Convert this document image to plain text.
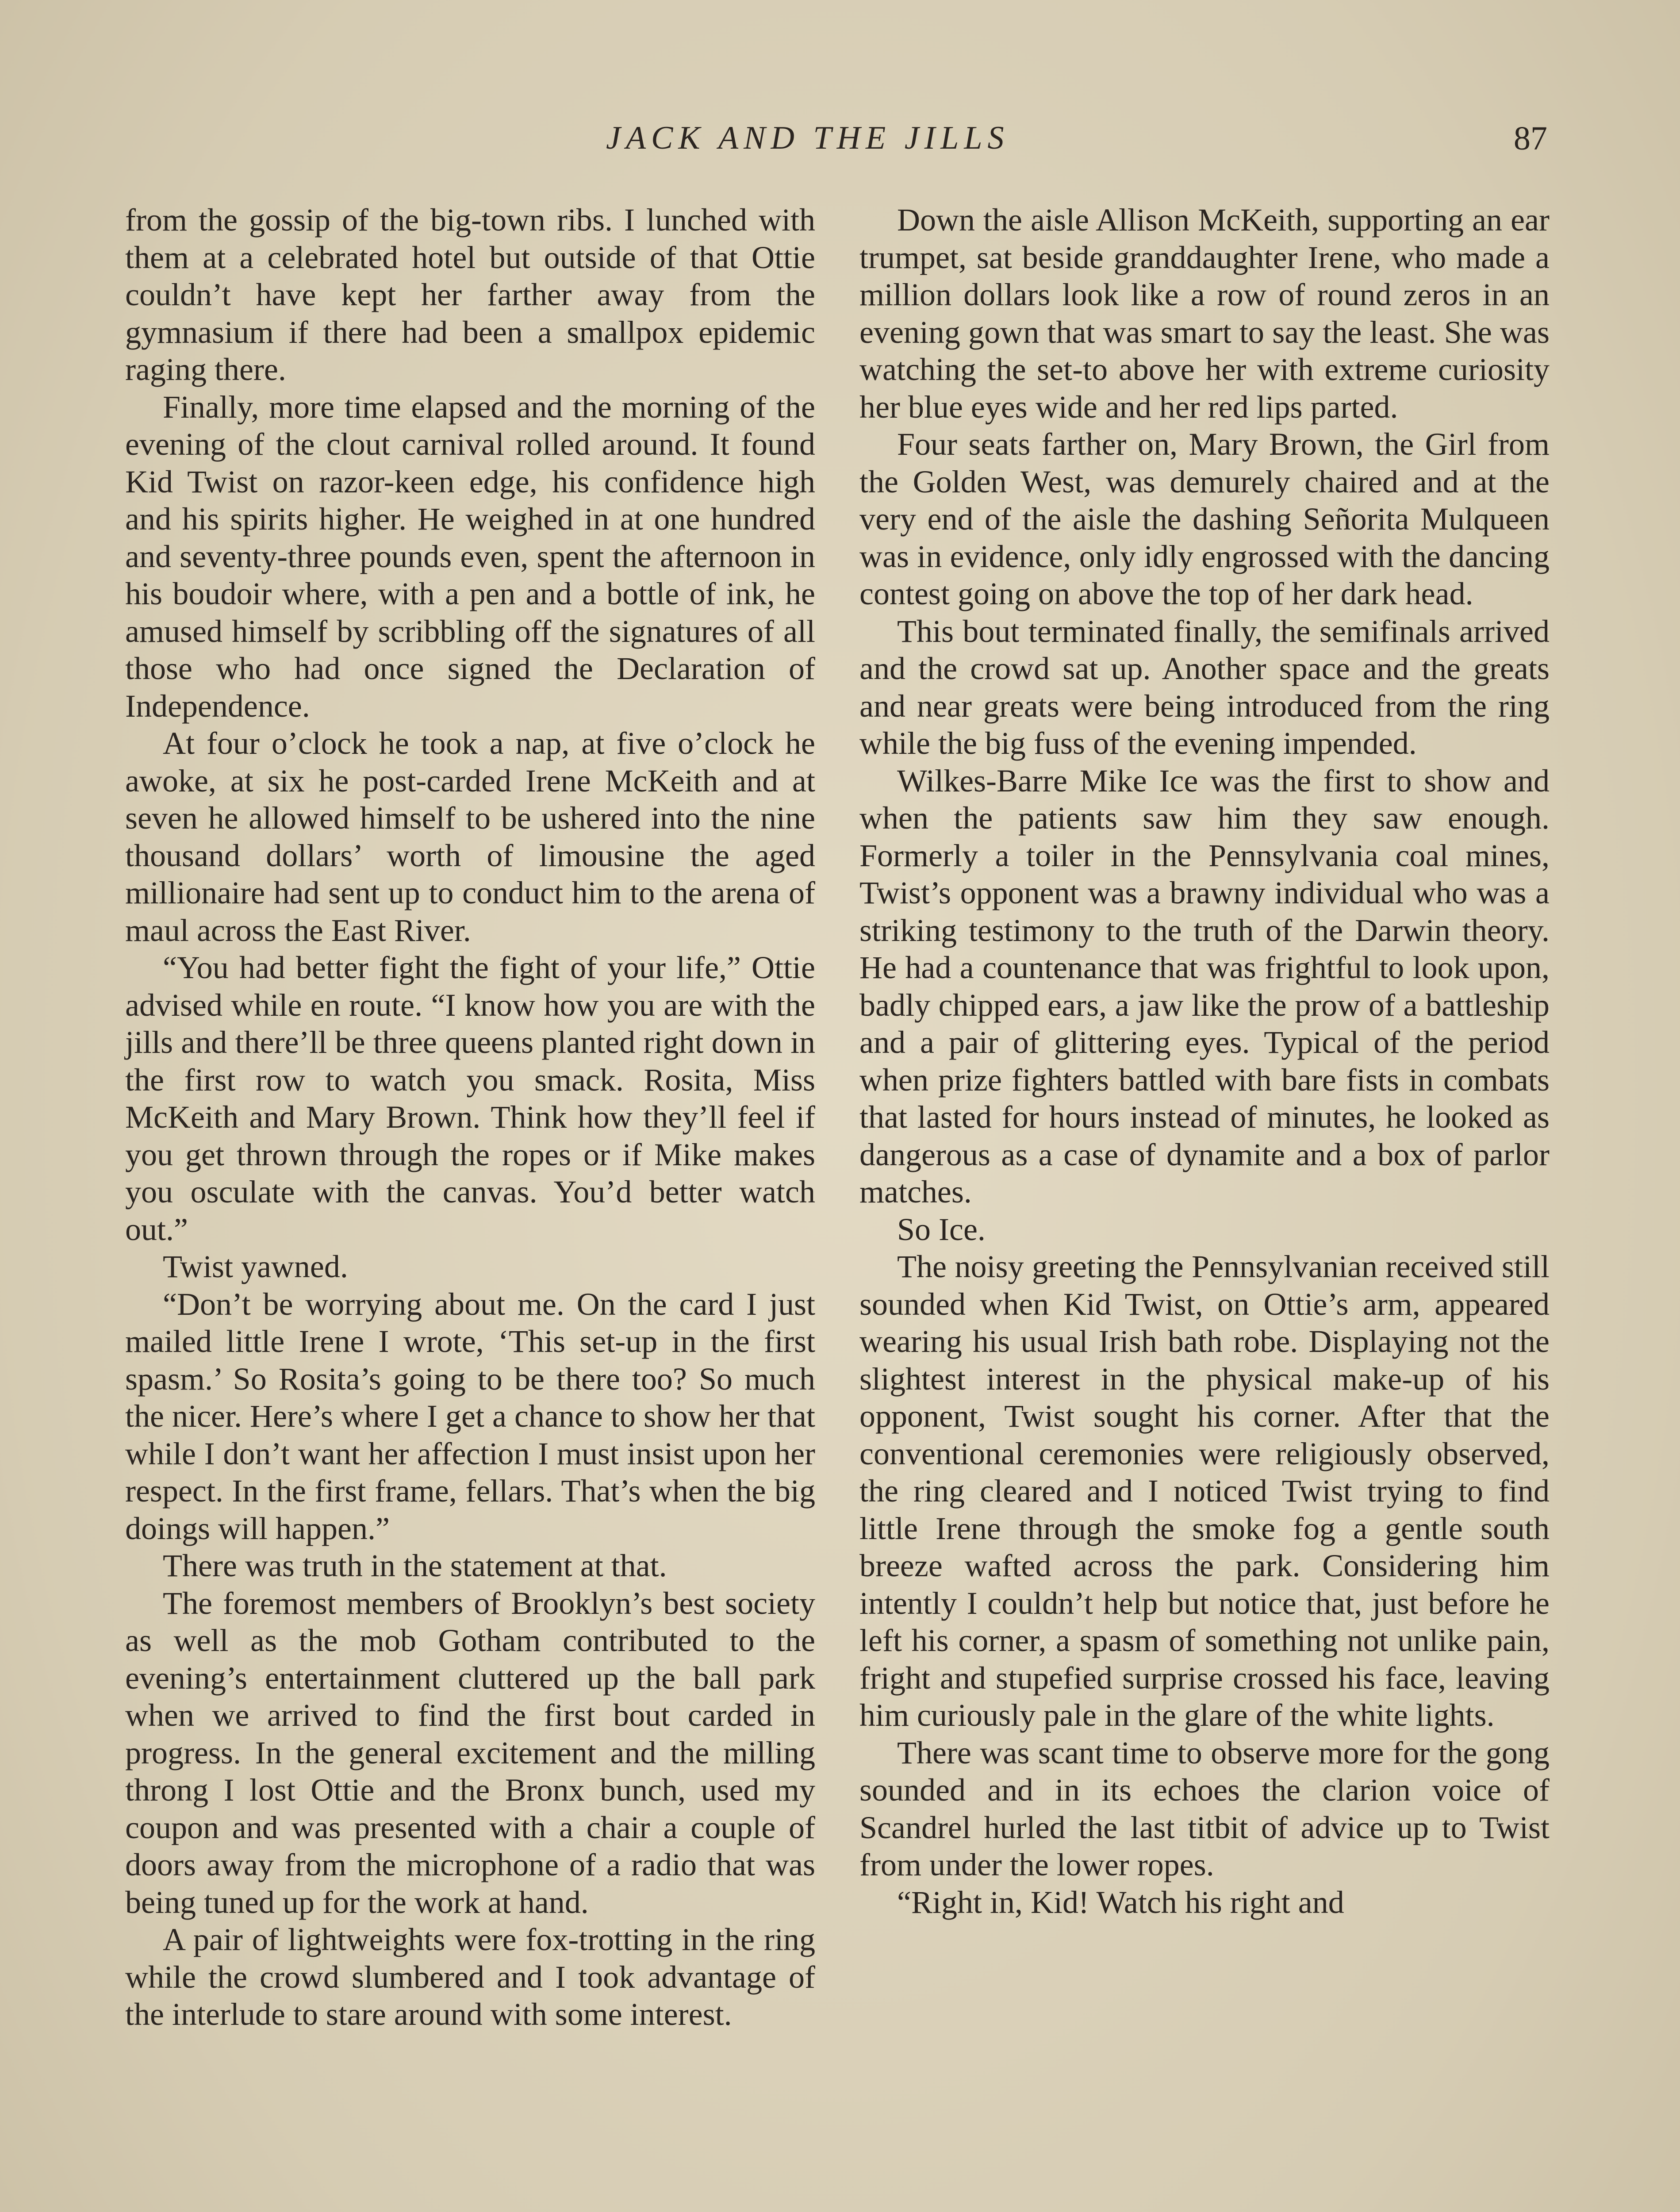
JACK AND THE JILLS	87

from the gossip of the big-town ribs. I lunched with them at a celebrated hotel but outside of that Ottie couldn’t have kept her farther away from the gymnasium if there had been a smallpox epidemic raging there.

Finally, more time elapsed and the morning of the evening of the clout carnival rolled around. It found Kid Twist on razor-keen edge, his confidence high and his spirits higher. He weighed in at one hundred and seventy-three pounds even, spent the afternoon in his boudoir where, with a pen and a bottle of ink, he amused himself by scribbling off the signatures of all those who had once signed the Declaration of Independence.

At four o’clock he took a nap, at five o’clock he awoke, at six he post-carded Irene McKeith and at seven he allowed himself to be ushered into the nine thousand dollars’ worth of limousine the aged millionaire had sent up to conduct him to the arena of maul across the East River.

“You had better fight the fight of your life,” Ottie advised while en route. “I know how you are with the jills and there’ll be three queens planted right down in the first row to watch you smack. Rosita, Miss McKeith and Mary Brown. Think how they’ll feel if you get thrown through the ropes or if Mike makes you osculate with the canvas. You’d better watch out.”

Twist yawned.

“Don’t be worrying about me. On the card I just mailed little Irene I wrote, ‘This set-up in the first spasm.’ So Rosita’s going to be there too? So much the nicer. Here’s where I get a chance to show her that while I don’t want her affection I must insist upon her respect. In the first frame, fellars. That’s when the big doings will happen.”

There was truth in the statement at that.

The foremost members of Brooklyn’s best society as well as the mob Gotham contributed to the evening’s entertainment cluttered up the ball park when we arrived to find the first bout carded in progress. In the general excitement and the milling throng I lost Ottie and the Bronx bunch, used my coupon and was presented with a chair a couple of doors away from the microphone of a radio that was being tuned up for the work at hand.

A pair of lightweights were fox-trotting in the ring while the crowd slumbered and I took advantage of the interlude to stare around with some interest.

Down the aisle Allison McKeith, supporting an ear trumpet, sat beside granddaughter Irene, who made a million dollars look like a row of round zeros in an evening gown that was smart to say the least. She was watching the set-to above her with extreme curiosity her blue eyes wide and her red lips parted.

Four seats farther on, Mary Brown, the Girl from the Golden West, was demurely chaired and at the very end of the aisle the dashing Señorita Mulqueen was in evidence, only idly engrossed with the dancing contest going on above the top of her dark head.

This bout terminated finally, the semifinals arrived and the crowd sat up. Another space and the greats and near greats were being introduced from the ring while the big fuss of the evening impended.

Wilkes-Barre Mike Ice was the first to show and when the patients saw him they saw enough. Formerly a toiler in the Pennsylvania coal mines, Twist’s opponent was a brawny individual who was a striking testimony to the truth of the Darwin theory. He had a countenance that was frightful to look upon, badly chipped ears, a jaw like the prow of a battleship and a pair of glittering eyes. Typical of the period when prize fighters battled with bare fists in combats that lasted for hours instead of minutes, he looked as dangerous as a case of dynamite and a box of parlor matches.

So Ice.

The noisy greeting the Pennsylvanian received still sounded when Kid Twist, on Ottie’s arm, appeared wearing his usual Irish bath robe. Displaying not the slightest interest in the physical make-up of his opponent, Twist sought his corner. After that the conventional ceremonies were religiously observed, the ring cleared and I noticed Twist trying to find little Irene through the smoke fog a gentle south breeze wafted across the park. Considering him intently I couldn’t help but notice that, just before he left his corner, a spasm of something not unlike pain, fright and stupefied surprise crossed his face, leaving him curiously pale in the glare of the white lights.

There was scant time to observe more for the gong sounded and in its echoes the clarion voice of Scandrel hurled the last titbit of advice up to Twist from under the lower ropes.

“Right in, Kid! Watch his right and
